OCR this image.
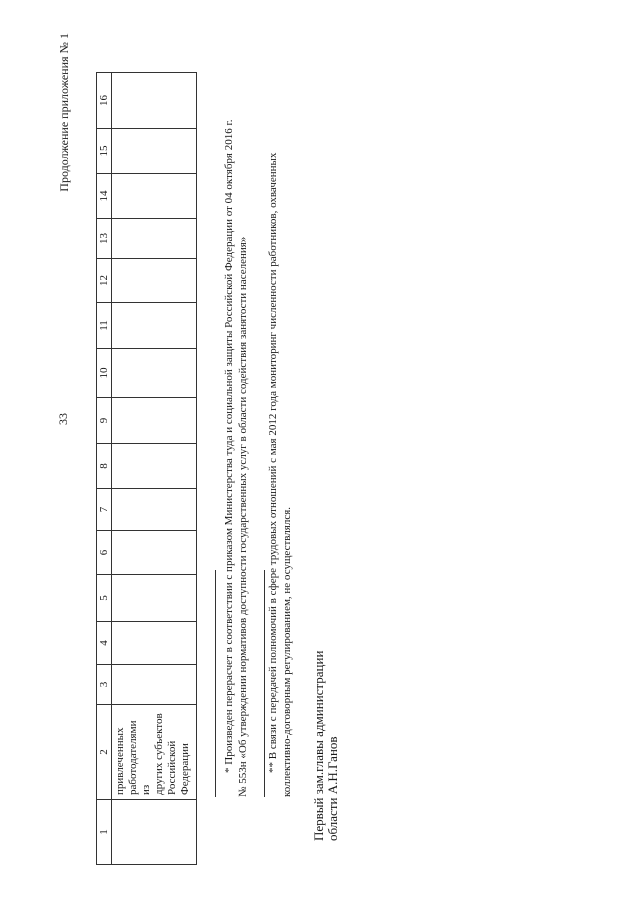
Продолжение приложения № 1
33
1	2	3	4	5	6	7	8	9	10	11	12	13	14	15	16

	привлеченных работодателями из других субъектов Российской Федерации														
															* Произведен перерасчет в соответствии с приказом Министерства туда и социальной защиты Российской Федерации от 04 октября 2016 г. № 553н «Об утверждении нормативов доступности государственных услуг в области содействия занятости населения» ** В связи с передачей полномочий в сфере трудовых отношений с мая 2012 года мониторинг численности работников, охваченных коллективно-договорным регулированием, не осуществлялся. Первый зам.главы администрации области А.Н.Ганов
